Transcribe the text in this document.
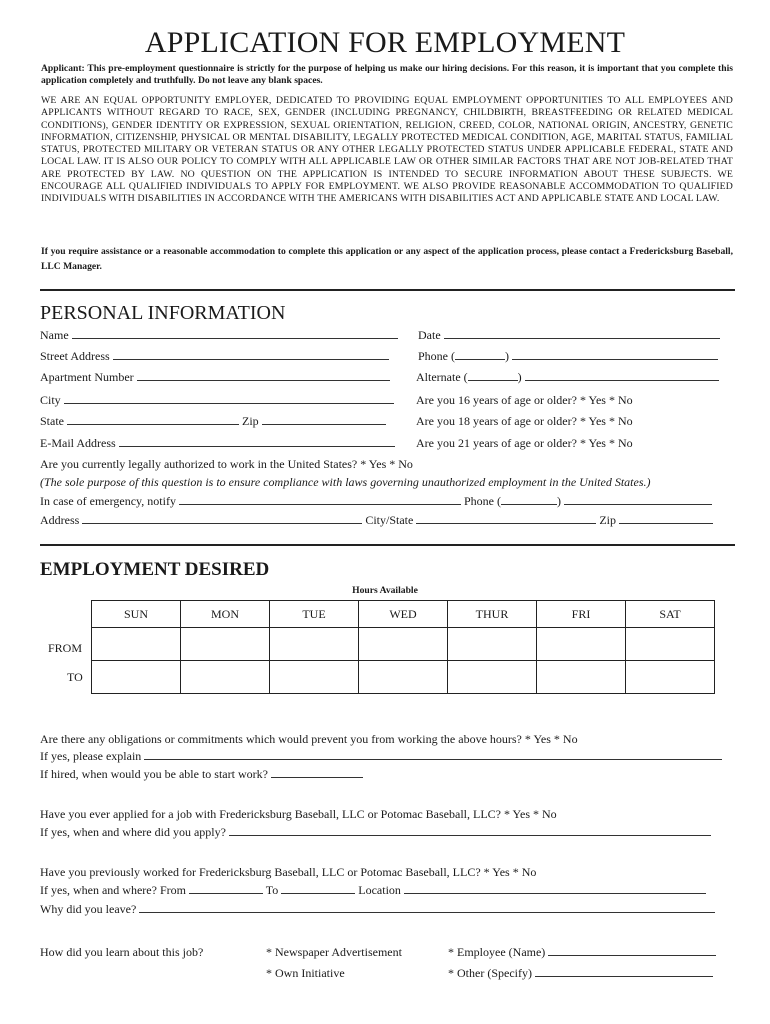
APPLICATION FOR EMPLOYMENT
Applicant: This pre-employment questionnaire is strictly for the purpose of helping us make our hiring decisions. For this reason, it is important that you complete this application completely and truthfully. Do not leave any blank spaces.
WE ARE AN EQUAL OPPORTUNITY EMPLOYER, DEDICATED TO PROVIDING EQUAL EMPLOYMENT OPPORTUNITIES TO ALL EMPLOYEES AND APPLICANTS WITHOUT REGARD TO RACE, SEX, GENDER (INCLUDING PREGNANCY, CHILDBIRTH, BREASTFEEDING OR RELATED MEDICAL CONDITIONS), GENDER IDENTITY OR EXPRESSION, SEXUAL ORIENTATION, RELIGION, CREED, COLOR, NATIONAL ORIGIN, ANCESTRY, GENETIC INFORMATION, CITIZENSHIP, PHYSICAL OR MENTAL DISABILITY, LEGALLY PROTECTED MEDICAL CONDITION, AGE, MARITAL STATUS, FAMILIAL STATUS, PROTECTED MILITARY OR VETERAN STATUS OR ANY OTHER LEGALLY PROTECTED STATUS UNDER APPLICABLE FEDERAL, STATE AND LOCAL LAW. IT IS ALSO OUR POLICY TO COMPLY WITH ALL APPLICABLE LAW OR OTHER SIMILAR FACTORS THAT ARE NOT JOB-RELATED THAT ARE PROTECTED BY LAW. NO QUESTION ON THE APPLICATION IS INTENDED TO SECURE INFORMATION ABOUT THESE SUBJECTS. WE ENCOURAGE ALL QUALIFIED INDIVIDUALS TO APPLY FOR EMPLOYMENT. WE ALSO PROVIDE REASONABLE ACCOMMODATION TO QUALIFIED INDIVIDUALS WITH DISABILITIES IN ACCORDANCE WITH THE AMERICANS WITH DISABILITIES ACT AND APPLICABLE STATE AND LOCAL LAW.
If you require assistance or a reasonable accommodation to complete this application or any aspect of the application process, please contact a Fredericksburg Baseball, LLC Manager.
PERSONAL INFORMATION
Name	Date
Street Address	Phone (	)
Apartment Number	Alternate (	)
City	Are you 16 years of age or older? * Yes * No
State	Zip	Are you 18 years of age or older? * Yes * No
E-Mail Address	Are you 21 years of age or older? * Yes * No
Are you currently legally authorized to work in the United States? * Yes * No
(The sole purpose of this question is to ensure compliance with laws governing unauthorized employment in the United States.)
In case of emergency, notify	Phone (	)
Address	City/State	Zip
EMPLOYMENT DESIRED
Hours Available
SUN	MON	TUE	WED	THUR	FRI	SAT

FROM
TO
Are there any obligations or commitments which would prevent you from working the above hours? * Yes * No
If yes, please explain
If hired, when would you be able to start work?
Have you ever applied for a job with Fredericksburg Baseball, LLC or Potomac Baseball, LLC? * Yes * No
If yes, when and where did you apply?
Have you previously worked for Fredericksburg Baseball, LLC or Potomac Baseball, LLC? * Yes * No
If yes, when and where? From	To	Location
Why did you leave?
How did you learn about this job?	* Newspaper Advertisement	* Employee (Name)
* Own Initiative	* Other (Specify)
